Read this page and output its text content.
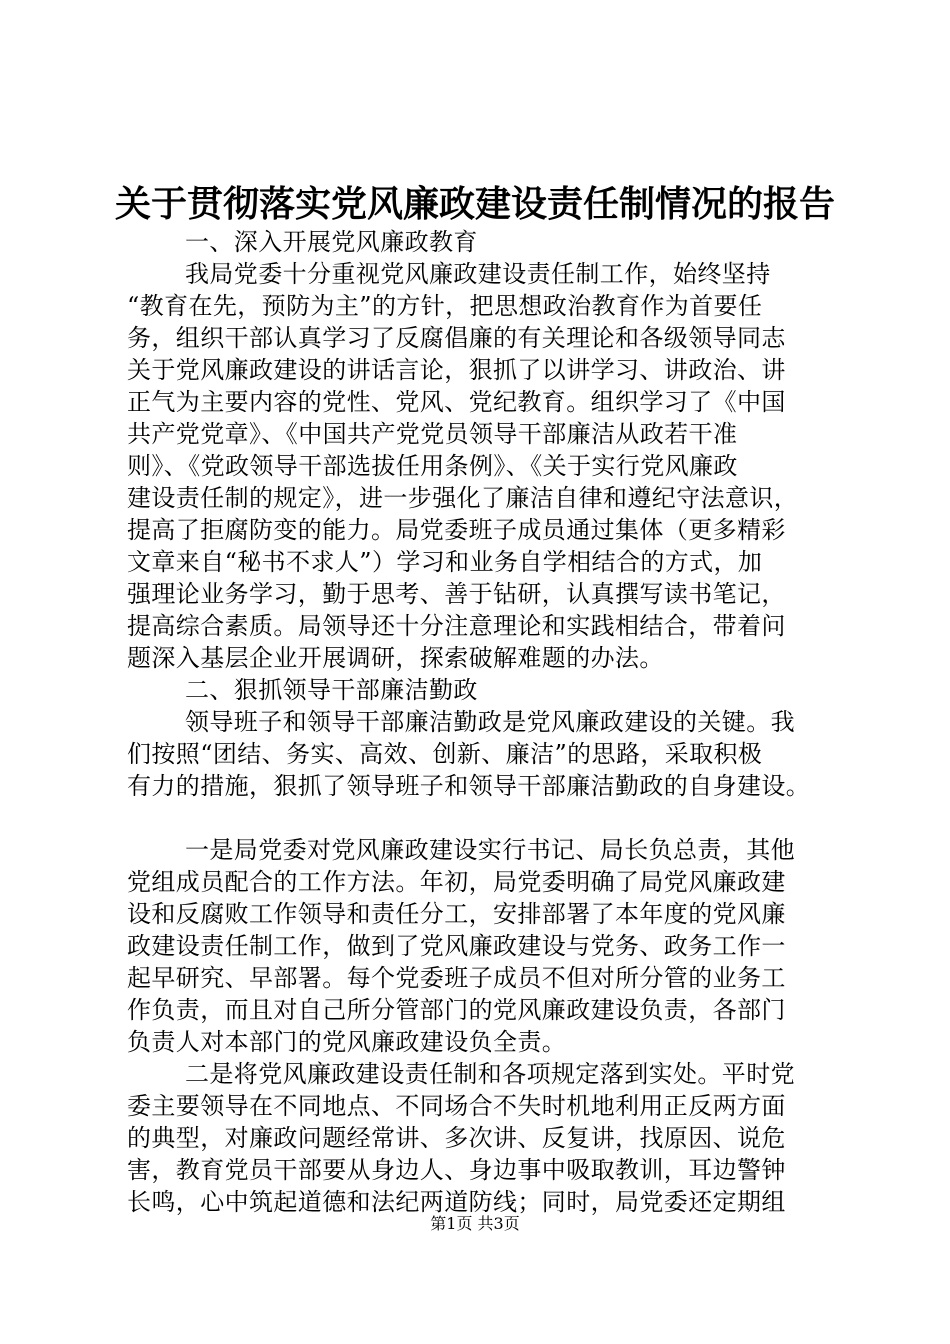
关于贯彻落实党风廉政建设责任制情况的报告
一、深入开展党风廉政教育
我局党委十分重视党风廉政建设责任制工作，始终坚持
“教育在先，预防为主”的方针，把思想政治教育作为首要任
务，组织干部认真学习了反腐倡廉的有关理论和各级领导同志
关于党风廉政建设的讲话言论，狠抓了以讲学习、讲政治、讲
正气为主要内容的党性、党风、党纪教育。组织学习了《中国
共产党党章》、《中国共产党党员领导干部廉洁从政若干准
则》、《党政领导干部选拔任用条例》、《关于实行党风廉政
建设责任制的规定》，进一步强化了廉洁自律和遵纪守法意识，
提高了拒腐防变的能力。局党委班子成员通过集体（更多精彩
文章来自“秘书不求人”）学习和业务自学相结合的方式，加
强理论业务学习，勤于思考、善于钻研，认真撰写读书笔记，
提高综合素质。局领导还十分注意理论和实践相结合，带着问
题深入基层企业开展调研，探索破解难题的办法。
二、狠抓领导干部廉洁勤政
领导班子和领导干部廉洁勤政是党风廉政建设的关键。我
们按照“团结、务实、高效、创新、廉洁”的思路，采取积极
有力的措施，狠抓了领导班子和领导干部廉洁勤政的自身建设。
一是局党委对党风廉政建设实行书记、局长负总责，其他
党组成员配合的工作方法。年初，局党委明确了局党风廉政建
设和反腐败工作领导和责任分工，安排部署了本年度的党风廉
政建设责任制工作，做到了党风廉政建设与党务、政务工作一
起早研究、早部署。每个党委班子成员不但对所分管的业务工
作负责，而且对自己所分管部门的党风廉政建设负责，各部门
负责人对本部门的党风廉政建设负全责。
二是将党风廉政建设责任制和各项规定落到实处。平时党
委主要领导在不同地点、不同场合不失时机地利用正反两方面
的典型，对廉政问题经常讲、多次讲、反复讲，找原因、说危
害，教育党员干部要从身边人、身边事中吸取教训，耳边警钟
长鸣，心中筑起道德和法纪两道防线；同时，局党委还定期组
第1页 共3页
